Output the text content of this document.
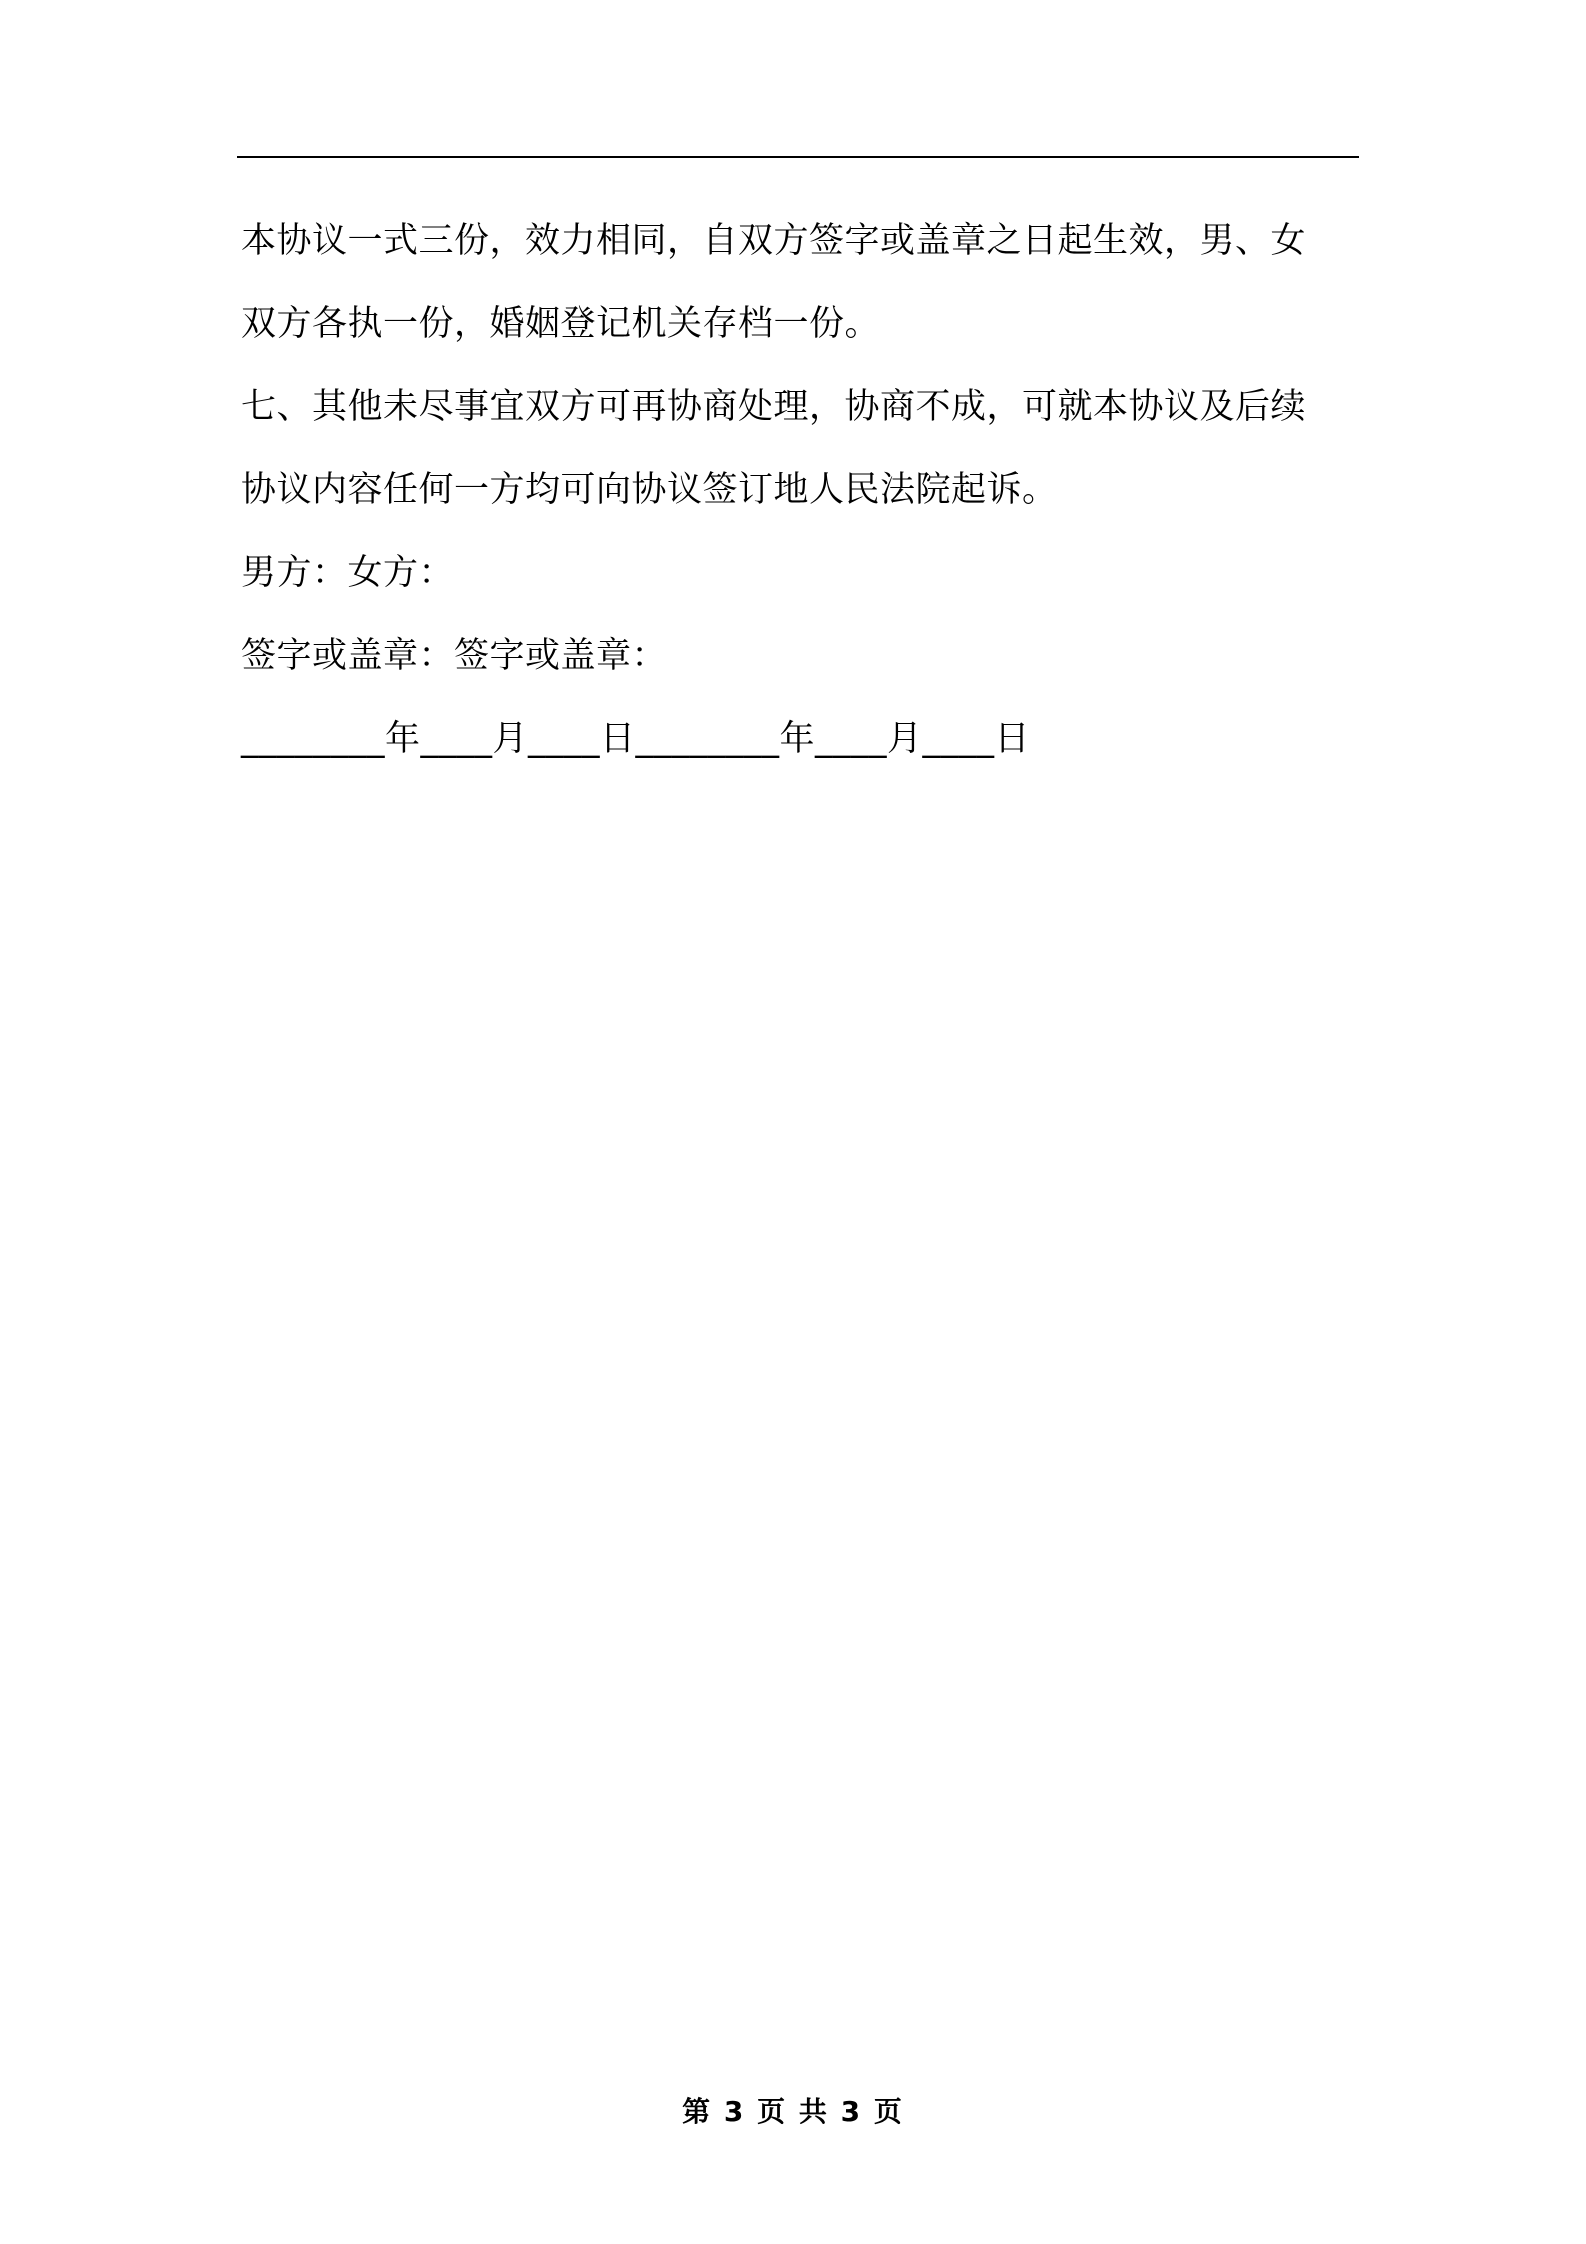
本协议一式三份，效力相同，自双方签字或盖章之日起生效，男、女

双方各执一份，婚姻登记机关存档一份。

七、其他未尽事宜双方可再协商处理，协商不成，可就本协议及后续

协议内容任何一方均可向协议签订地人民法院起诉。

男方：女方：

签字或盖章：签字或盖章：

________年____月____日________年____月____日

第 3 页 共 3 页
